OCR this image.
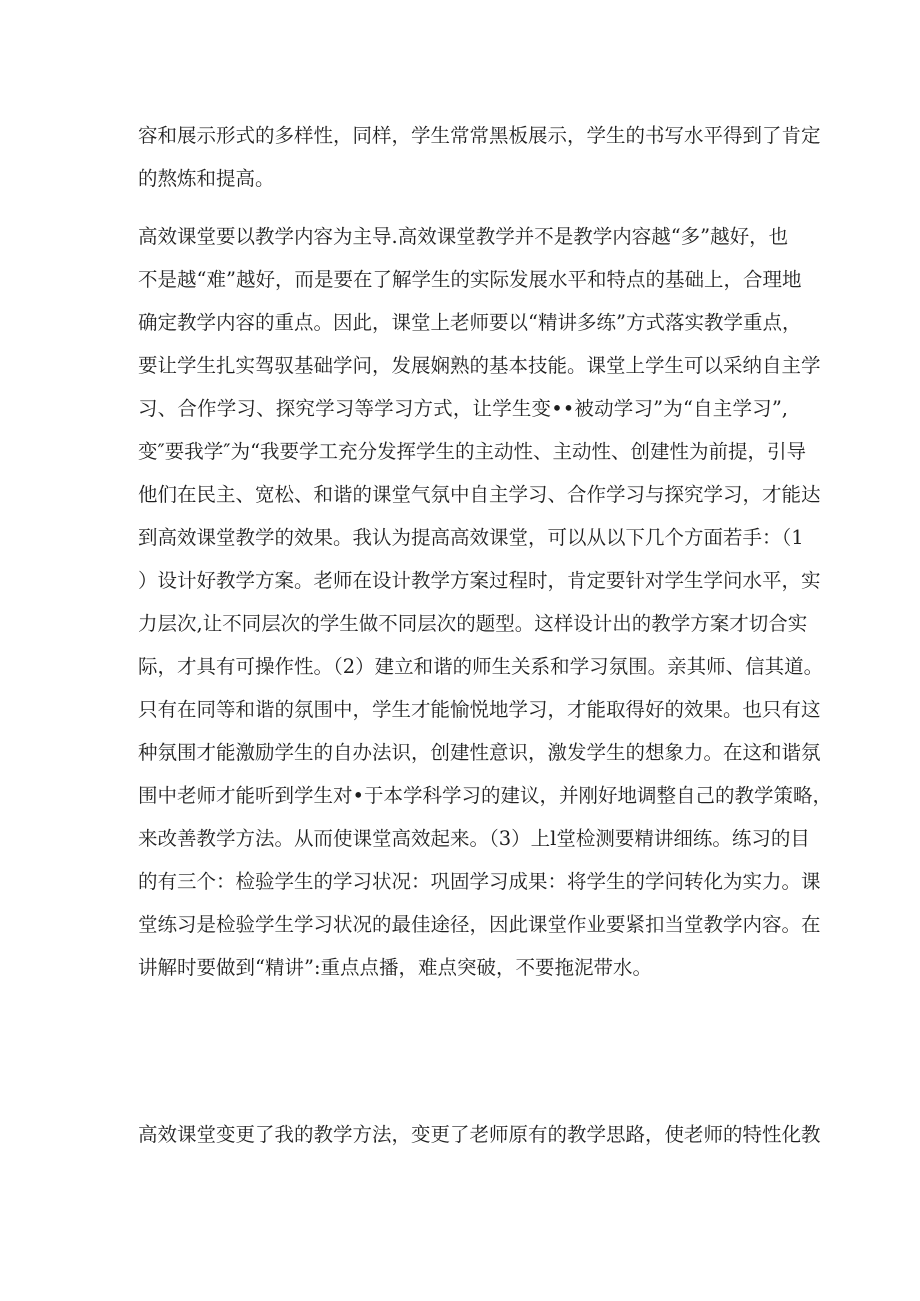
容和展示形式的多样性，同样，学生常常黑板展示，学生的书写水平得到了肯定
的熬炼和提高。
高效课堂要以教学内容为主导.高效课堂教学并不是教学内容越“多”越好，也
不是越“难”越好，而是要在了解学生的实际发展水平和特点的基础上，合理地
确定教学内容的重点。因此，课堂上老师要以“精讲多练”方式落实教学重点，
要让学生扎实驾驭基础学问，发展娴熟的基本技能。课堂上学生可以采纳自主学
习、合作学习、探究学习等学习方式，让学生变••被动学习”为“自主学习”,
变″要我学″为“我要学工充分发挥学生的主动性、主动性、创建性为前提，引导
他们在民主、宽松、和谐的课堂气氛中自主学习、合作学习与探究学习，才能达
到高效课堂教学的效果。我认为提高高效课堂，可以从以下几个方面若手：（1
）设计好教学方案。老师在设计教学方案过程时，肯定要针对学生学问水平，实
力层次,让不同层次的学生做不同层次的题型。这样设计出的教学方案才切合实
际，才具有可操作性。（2）建立和谐的师生关系和学习氛围。亲其师、信其道。
只有在同等和谐的氛围中，学生才能愉悦地学习，才能取得好的效果。也只有这
种氛围才能激励学生的自办法识，创建性意识，激发学生的想象力。在这和谐氛
围中老师才能听到学生对•于本学科学习的建议，并刚好地调整自己的教学策略，
来改善教学方法。从而使课堂高效起来。（3）上l堂检测要精讲细练。练习的目
的有三个：检验学生的学习状况：巩固学习成果：将学生的学问转化为实力。课
堂练习是检验学生学习状况的最佳途径，因此课堂作业要紧扣当堂教学内容。在
讲解时要做到“精讲”:重点点播，难点突破，不要拖泥带水。
高效课堂变更了我的教学方法，变更了老师原有的教学思路，使老师的特性化教
